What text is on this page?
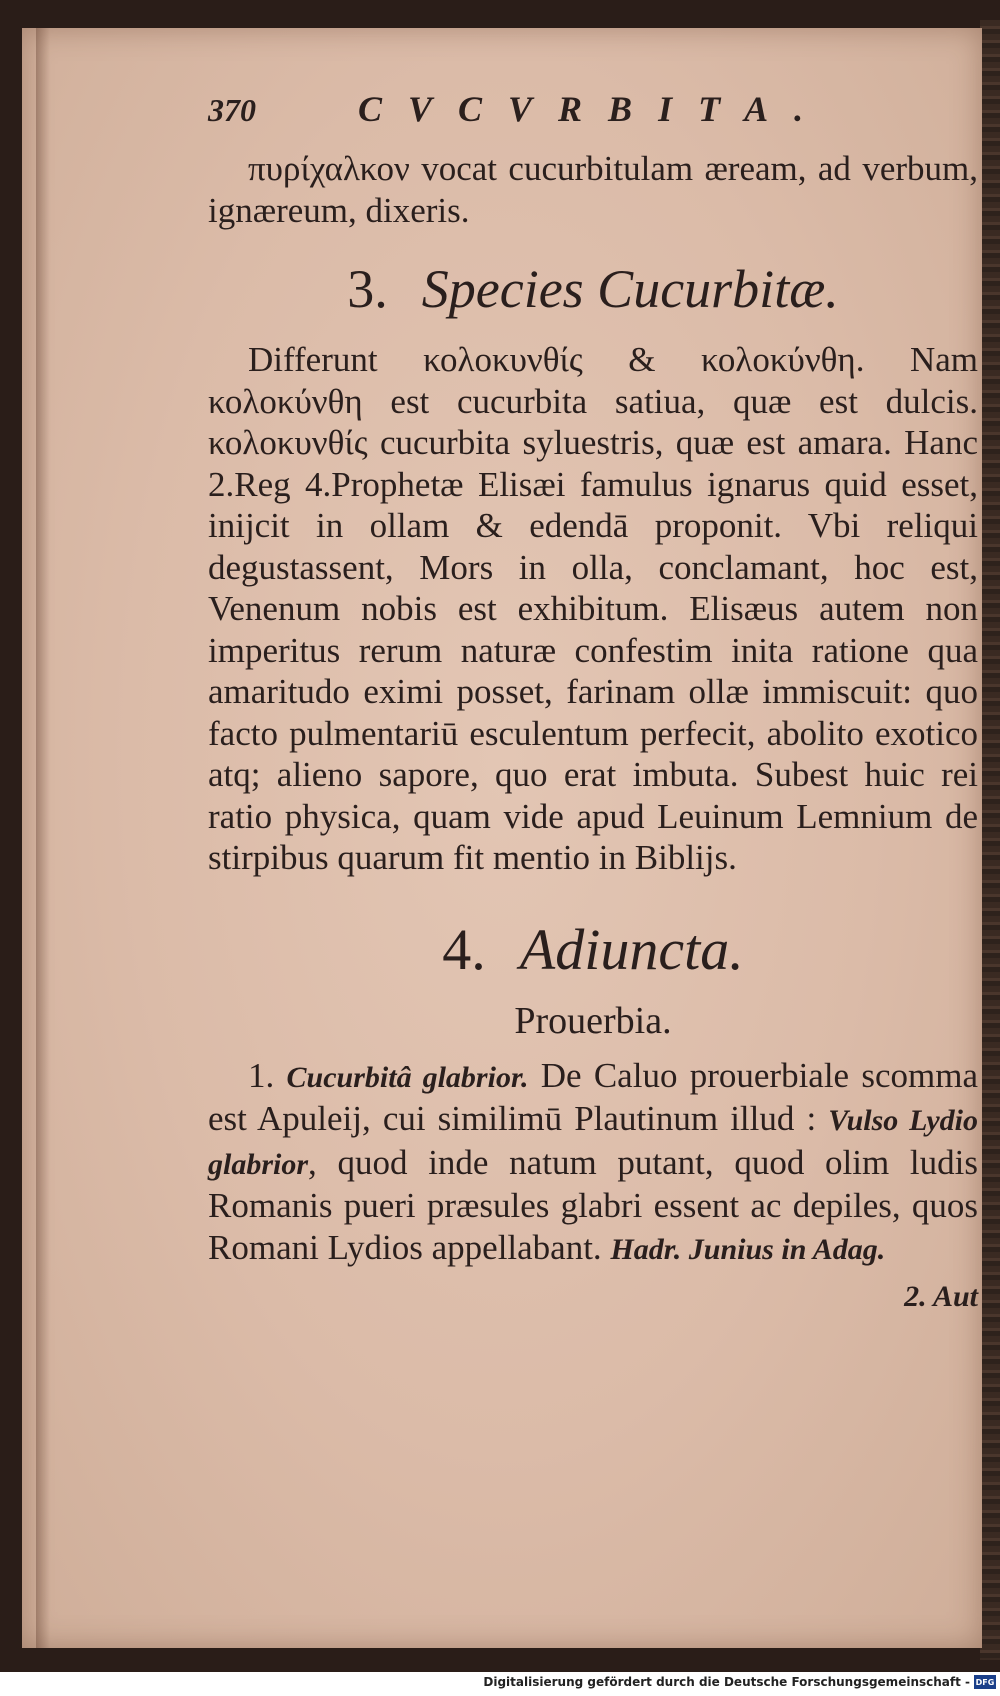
370	CVCVRBITA.

πυρίχαλκον vocat cucurbitulam æream, ad verbum, ignæreum, dixeris.

3. Species Cucurbitæ.

Differunt κολοκυνθίς & κολοκύνθη. Nam κολοκύνθη est cucurbita satiua, quæ est dulcis. κολοκυνθίς cucurbita syluestris, quæ est amara. Hanc 2.Reg 4.Prophetæ Elisæi famulus ignarus quid esset, inijcit in ollam & edendā proponit. Vbi reliqui degustassent, Mors in olla, conclamant, hoc est, Venenum nobis est exhibitum. Elisæus autem non imperitus rerum naturæ confestim inita ratione qua amaritudo eximi posset, farinam ollæ immiscuit: quo facto pulmentariū esculentum perfecit, abolito exotico atq; alieno sapore, quo erat imbuta. Subest huic rei ratio physica, quam vide apud Leuinum Lemnium de stirpibus quarum fit mentio in Biblijs.

4. Adiuncta.
Prouerbia.

1. Cucurbitâ glabrior. De Caluo prouerbiale scomma est Apuleij, cui similimū Plautinum illud : Vulso Lydio glabrior, quod inde natum putant, quod olim ludis Romanis pueri præsules glabri essent ac depiles, quos Romani Lydios appellabant. Hadr. Junius in Adag.

2. Aut
Digitalisierung gefördert durch die Deutsche Forschungsgemeinschaft - DFG
